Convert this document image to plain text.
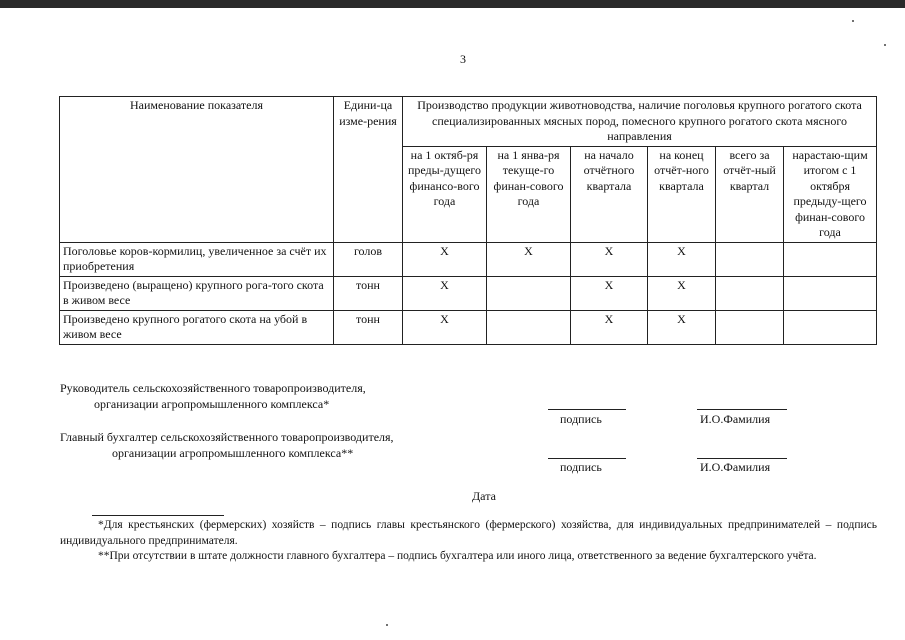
3
Наименование показателя	Едини-ца изме-рения	Производство продукции животноводства, наличие поголовья крупного рогатого скота специализированных мясных пород, помесного крупного рогатого скота мясного направления					
		на 1 октяб-ря преды-дущего финансо-вого года	на 1 янва-ря текуще-го финан-сового года	на начало отчётного квартала	на конец отчёт-ного квартала	всего за отчёт-ный квартал	нарастаю-щим итогом с 1 октября предыду-щего финан-сового года
Поголовье коров-кормилиц, увеличенное за счёт их приобретения	голов	X	X	X	X		
Произведено (выращено) крупного рога-того скота в живом весе	тонн	X		X	X		
Произведено крупного рогатого скота на убой в живом весе	тонн	X		X	X		
Руководитель сельскохозяйственного товаропроизводителя,
организации агропромышленного комплекса*
подпись	И.О.Фамилия
Главный бухгалтер сельскохозяйственного товаропроизводителя,
организации агропромышленного комплекса**
подпись	И.О.Фамилия
Дата

*Для крестьянских (фермерских) хозяйств – подпись главы крестьянского (фермерского) хозяйства, для индивидуальных предпринимателей – подпись индивидуального предпринимателя.

**При отсутствии в штате должности главного бухгалтера – подпись бухгалтера или иного лица, ответственного за ведение бухгалтерского учёта.
